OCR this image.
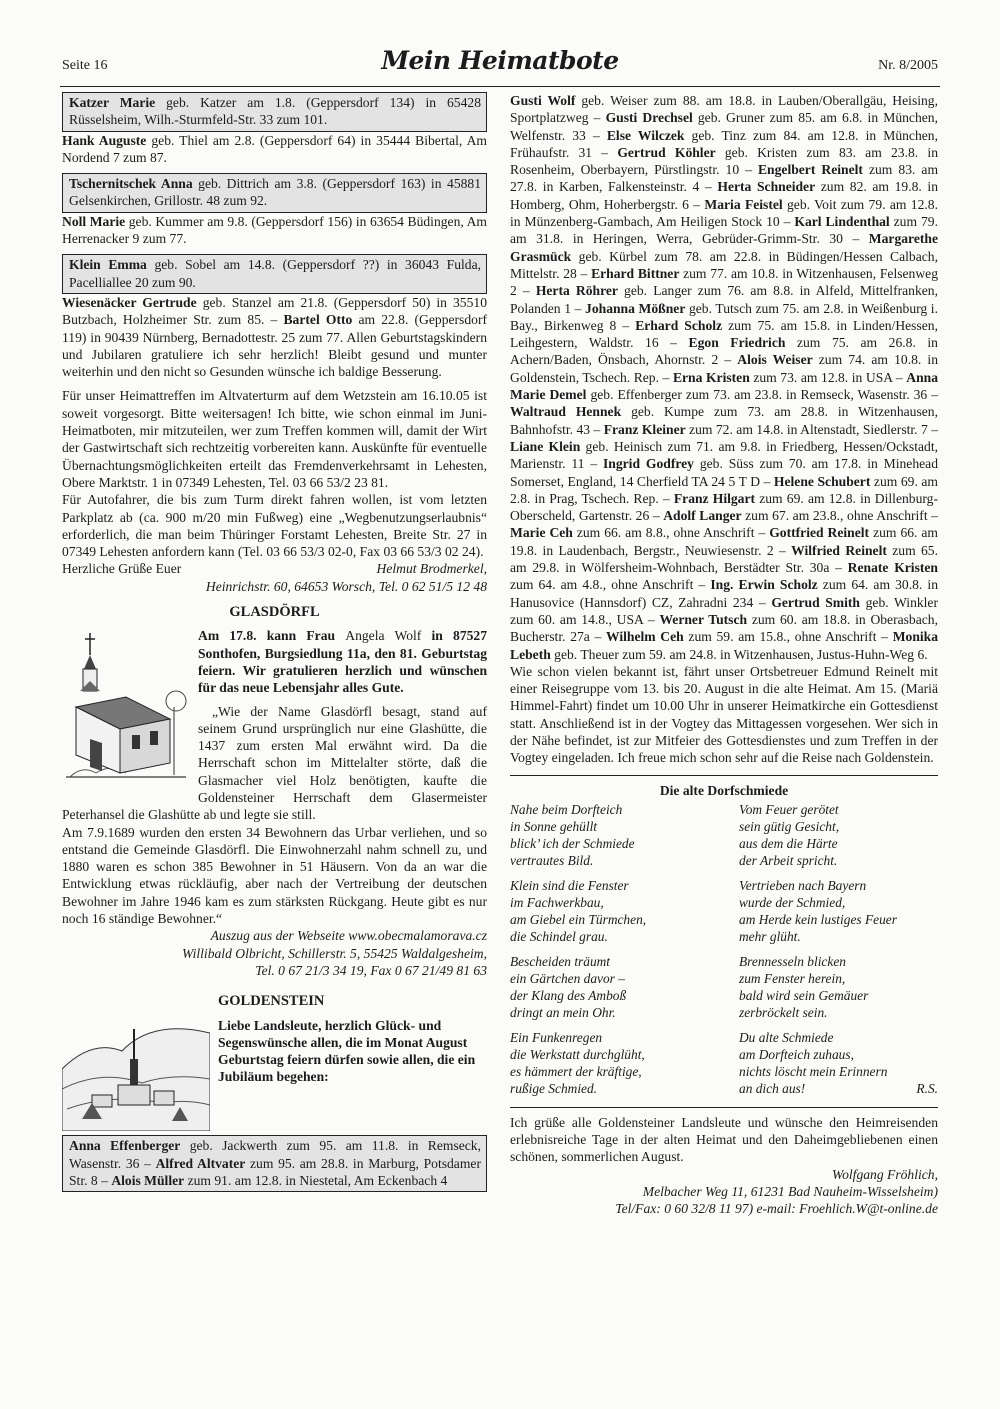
Seite 16	Mein Heimatbote	Nr. 8/2005

Katzer Marie geb. Katzer am 1.8. (Geppersdorf 134) in 65428 Rüsselsheim, Wilh.-Sturmfeld-Str. 33 zum 101.

Hank Auguste geb. Thiel am 2.8. (Geppersdorf 64) in 35444 Bibertal, Am Nordend 7 zum 87.

Tschernitschek Anna geb. Dittrich am 3.8. (Geppersdorf 163) in 45881 Gelsenkirchen, Grillostr. 48 zum 92.

Noll Marie geb. Kummer am 9.8. (Geppersdorf 156) in 63654 Büdingen, Am Herrenacker 9 zum 77.

Klein Emma geb. Sobel am 14.8. (Geppersdorf ??) in 36043 Fulda, Pacelliallee 20 zum 90.

Wiesenäcker Gertrude geb. Stanzel am 21.8. (Geppersdorf 50) in 35510 Butzbach, Holzheimer Str. zum 85. – Bartel Otto am 22.8. (Geppersdorf 119) in 90439 Nürnberg, Bernadottestr. 25 zum 77. Allen Geburtstagskindern und Jubilaren gratuliere ich sehr herzlich! Bleibt gesund und munter weiterhin und den nicht so Gesunden wünsche ich baldige Besserung.

Für unser Heimattreffen im Altvaterturm auf dem Wetzstein am 16.10.05 ist soweit vorgesorgt. Bitte weitersagen! Ich bitte, wie schon einmal im Juni-Heimatboten, mir mitzuteilen, wer zum Treffen kommen will, damit der Wirt der Gastwirtschaft sich rechtzeitig vorbereiten kann. Auskünfte für eventuelle Übernachtungsmöglichkeiten erteilt das Fremdenverkehrsamt in Lehesten, Obere Marktstr. 1 in 07349 Lehesten, Tel. 03 66 53/2 23 81.

Für Autofahrer, die bis zum Turm direkt fahren wollen, ist vom letzten Parkplatz ab (ca. 900 m/20 min Fußweg) eine „Wegbenutzungserlaubnis“ erforderlich, die man beim Thüringer Forstamt Lehesten, Breite Str. 27 in 07349 Lehesten anfordern kann (Tel. 03 66 53/3 02-0, Fax 03 66 53/3 02 24).

Herzliche Grüße Euer	Helmut Brodmerkel,

Heinrichstr. 60, 64653 Worsch, Tel. 0 62 51/5 12 48

GLASDÖRFL

Am 17.8. kann Frau Angela Wolf in 87527 Sonthofen, Burgsiedlung 11a, den 81. Geburtstag feiern. Wir gratulieren herzlich und wünschen für das neue Lebensjahr alles Gute.

„Wie der Name Glasdörfl besagt, stand auf seinem Grund ursprünglich nur eine Glashütte, die 1437 zum ersten Mal erwähnt wird. Da die Herrschaft schon im Mittelalter störte, daß die Glasmacher viel Holz benötigten, kaufte die Goldensteiner Herrschaft dem Glasermeister Peterhansel die Glashütte ab und legte sie still.

Am 7.9.1689 wurden den ersten 34 Bewohnern das Urbar verliehen, und so entstand die Gemeinde Glasdörfl. Die Einwohnerzahl nahm schnell zu, und 1880 waren es schon 385 Bewohner in 51 Häusern. Von da an war die Entwicklung etwas rückläufig, aber nach der Vertreibung der deutschen Bewohner im Jahre 1946 kam es zum stärksten Rückgang. Heute gibt es nur noch 16 ständige Bewohner.“

Auszug aus der Webseite www.obecmalamorava.cz

Willibald Olbricht, Schillerstr. 5, 55425 Waldalgesheim,

Tel. 0 67 21/3 34 19, Fax 0 67 21/49 81 63

GOLDENSTEIN

Liebe Landsleute, herzlich Glück- und Segenswünsche allen, die im Monat August Geburtstag feiern dürfen sowie allen, die ein Jubiläum begehen:

Anna Effenberger geb. Jackwerth zum 95. am 11.8. in Remseck, Wasenstr. 36 – Alfred Altvater zum 95. am 28.8. in Marburg, Potsdamer Str. 8 – Alois Müller zum 91. am 12.8. in Niestetal, Am Eckenbach 4

Gusti Wolf geb. Weiser zum 88. am 18.8. in Lauben/Oberallgäu, Heising, Sportplatzweg – Gusti Drechsel geb. Gruner zum 85. am 6.8. in München, Welfenstr. 33 – Else Wilczek geb. Tinz zum 84. am 12.8. in München, Frühaufstr. 31 – Gertrud Köhler geb. Kristen zum 83. am 23.8. in Rosenheim, Oberbayern, Pürstlingstr. 10 – Engelbert Reinelt zum 83. am 27.8. in Karben, Falkensteinstr. 4 – Herta Schneider zum 82. am 19.8. in Homberg, Ohm, Hoherbergstr. 6 – Maria Feistel geb. Voit zum 79. am 12.8. in Münzenberg-Gambach, Am Heiligen Stock 10 – Karl Lindenthal zum 79. am 31.8. in Heringen, Werra, Gebrüder-Grimm-Str. 30 – Margarethe Grasmück geb. Kürbel zum 78. am 22.8. in Büdingen/Hessen Calbach, Mittelstr. 28 – Erhard Bittner zum 77. am 10.8. in Witzenhausen, Felsenweg 2 – Herta Röhrer geb. Langer zum 76. am 8.8. in Alfeld, Mittelfranken, Polanden 1 – Johanna Mößner geb. Tutsch zum 75. am 2.8. in Weißenburg i. Bay., Birkenweg 8 – Erhard Scholz zum 75. am 15.8. in Linden/Hessen, Leihgestern, Waldstr. 16 – Egon Friedrich zum 75. am 26.8. in Achern/Baden, Önsbach, Ahornstr. 2 – Alois Weiser zum 74. am 10.8. in Goldenstein, Tschech. Rep. – Erna Kristen zum 73. am 12.8. in USA – Anna Marie Demel geb. Effenberger zum 73. am 23.8. in Remseck, Wasenstr. 36 – Waltraud Hennek geb. Kumpe zum 73. am 28.8. in Witzenhausen, Bahnhofstr. 43 – Franz Kleiner zum 72. am 14.8. in Altenstadt, Siedlerstr. 7 – Liane Klein geb. Heinisch zum 71. am 9.8. in Friedberg, Hessen/Ockstadt, Marienstr. 11 – Ingrid Godfrey geb. Süss zum 70. am 17.8. in Minehead Somerset, England, 14 Cherfield TA 24 5 T D – Helene Schubert zum 69. am 2.8. in Prag, Tschech. Rep. – Franz Hilgart zum 69. am 12.8. in Dillenburg-Oberscheld, Gartenstr. 26 – Adolf Langer zum 67. am 23.8., ohne Anschrift – Marie Ceh zum 66. am 8.8., ohne Anschrift – Gottfried Reinelt zum 66. am 19.8. in Laudenbach, Bergstr., Neuwiesenstr. 2 – Wilfried Reinelt zum 65. am 29.8. in Wölfersheim-Wohnbach, Berstädter Str. 30a – Renate Kristen zum 64. am 4.8., ohne Anschrift – Ing. Erwin Scholz zum 64. am 30.8. in Hanusovice (Hannsdorf) CZ, Zahradni 234 – Gertrud Smith geb. Winkler zum 60. am 14.8., USA – Werner Tutsch zum 60. am 18.8. in Oberasbach, Bucherstr. 27a – Wilhelm Ceh zum 59. am 15.8., ohne Anschrift – Monika Lebeth geb. Theuer zum 59. am 24.8. in Witzenhausen, Justus-Huhn-Weg 6.

Wie schon vielen bekannt ist, fährt unser Ortsbetreuer Edmund Reinelt mit einer Reisegruppe vom 13. bis 20. August in die alte Heimat. Am 15. (Mariä Himmel-Fahrt) findet um 10.00 Uhr in unserer Heimatkirche ein Gottesdienst statt. Anschließend ist in der Vogtey das Mittagessen vorgesehen. Wer sich in der Nähe befindet, ist zur Mitfeier des Gottesdienstes und zum Treffen in der Vogtey eingeladen. Ich freue mich schon sehr auf die Reise nach Goldenstein.

Die alte Dorfschmiede

Nahe beim Dorfteich
in Sonne gehüllt
blick’ ich der Schmiede
vertrautes Bild.

Klein sind die Fenster
im Fachwerkbau,
am Giebel ein Türmchen,
die Schindel grau.

Bescheiden träumt
ein Gärtchen davor –
der Klang des Amboß
dringt an mein Ohr.

Ein Funkenregen
die Werkstatt durchglüht,
es hämmert der kräftige,
rußige Schmied.

Vom Feuer gerötet
sein gütig Gesicht,
aus dem die Härte
der Arbeit spricht.

Vertrieben nach Bayern
wurde der Schmied,
am Herde kein lustiges Feuer
mehr glüht.

Brennesseln blicken
zum Fenster herein,
bald wird sein Gemäuer
zerbröckelt sein.

Du alte Schmiede
am Dorfteich zuhaus,
nichts löscht mein Erinnern
an dich aus!	R.S.

Ich grüße alle Goldensteiner Landsleute und wünsche den Heimreisenden erlebnisreiche Tage in der alten Heimat und den Daheimgebliebenen einen schönen, sommerlichen August.

Wolfgang Fröhlich,

Melbacher Weg 11, 61231 Bad Nauheim-Wisselsheim)

Tel/Fax: 0 60 32/8 11 97) e-mail: Froehlich.W@t-online.de
